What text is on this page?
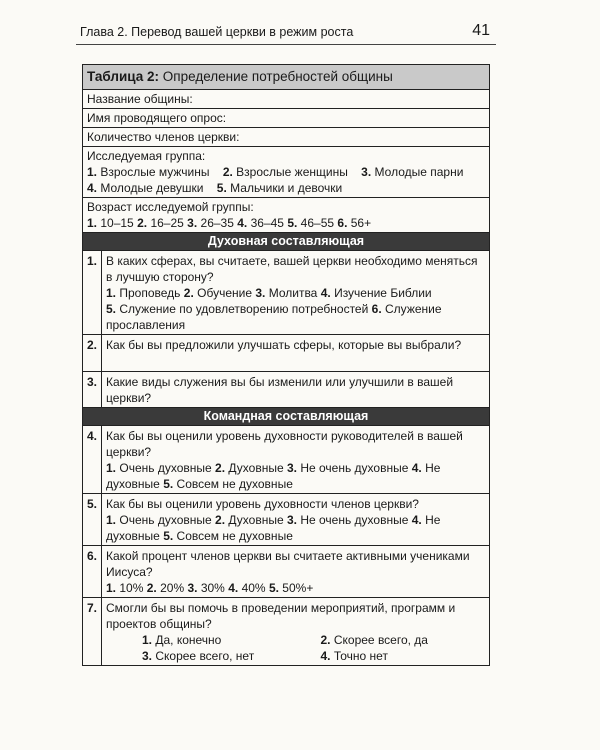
Глава 2. Перевод вашей церкви в режим роста	41
Таблица 2: Определение потребностей общины
Название общины:
Имя проводящего опрос:
Количество членов церкви:
Исследуемая группа:
1. Взрослые мужчины 2. Взрослые женщины 3. Молодые парни    4. Молодые девушки 5. Мальчики и девочки
Возраст исследуемой группы:
1. 10–15 2. 16–25 3. 26–35 4. 36–45 5. 46–55 6. 56+
Духовная составляющая
1. В каких сферах, вы считаете, вашей церкви необходимо меняться в лучшую сторону?
1. Проповедь 2. Обучение 3. Молитва 4. Изучение Библии
5. Служение по удовлетворению потребностей 6. Служение прославления
2. Как бы вы предложили улучшать сферы, которые вы выбрали?
3. Какие виды служения вы бы изменили или улучшили в вашей церкви?
Командная составляющая
4. Как бы вы оценили уровень духовности руководителей в вашей церкви?
1. Очень духовные 2. Духовные 3. Не очень духовные 4. Не духовные 5. Совсем не духовные
5. Как бы вы оценили уровень духовности членов церкви?
1. Очень духовные 2. Духовные 3. Не очень духовные 4. Не духовные 5. Совсем не духовные
6. Какой процент членов церкви вы считаете активными учениками Иисуса?
1. 10% 2. 20% 3. 30% 4. 40% 5. 50%+
7. Смогли бы вы помочь в проведении мероприятий, программ и проектов общины?
1. Да, конечно
3. Скорее всего, нет
2. Скорее всего, да
4. Точно нет
